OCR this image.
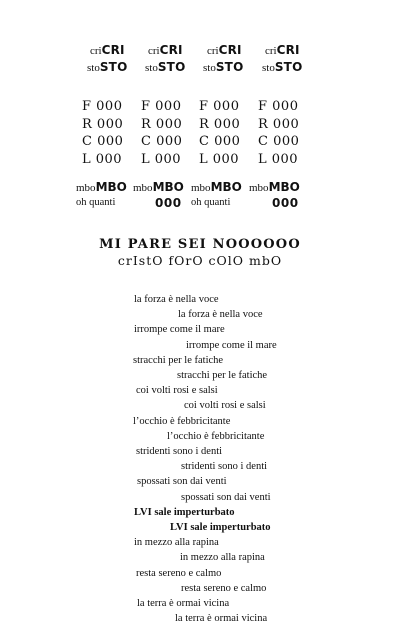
criCRI criCRI criCRI criCRI
stoSTO stoSTO stoSTO stoSTO
F 000 F 000 F 000 F 000
R 000 R 000 R 000 R 000
C 000 C 000 C 000 C 000
L 000 L 000 L 000 L 000
mboMBO mboMBO mboMBO mboMBO
oh quanti	000 oh quanti	000
MI PARE SEI NOOOOOO
crIstO fOrO cOlO mbO
la forza è nella voce
la forza è nella voce
irrompe come il mare
irrompe come il mare
stracchi per le fatiche
stracchi per le fatiche
coi volti rosi e salsi
coi volti rosi e salsi
l’occhio è febbricitante
l’occhio è febbricitante
stridenti sono i denti
stridenti sono i denti
spossati son dai venti
spossati son dai venti
LVI sale imperturbato
LVI sale imperturbato
in mezzo alla rapina
in mezzo alla rapina
resta sereno e calmo
resta sereno e calmo
la terra è ormai vicina
la terra è ormai vicina
